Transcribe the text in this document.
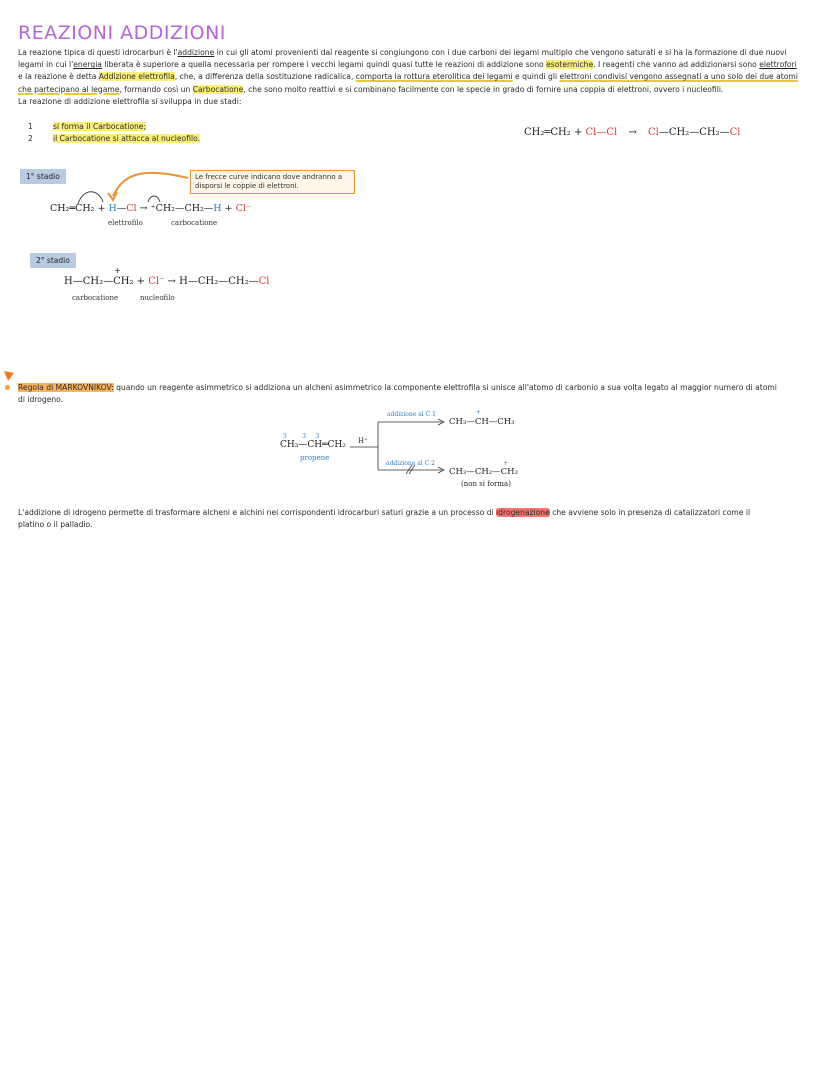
REAZIONI ADDIZIONI
La reazione tipica di questi idrocarburi è l'addizione in cui gli atomi provenienti dal reagente si congiungono con i due carboni dei legami multiplo che vengono saturati e si ha la formazione di due nuovi legami in cui l'energia liberata è superiore a quella necessaria per rompere i vecchi legami quindi quasi tutte le reazioni di addizione sono esotermiche. I reagenti che vanno ad addizionarsi sono elettrofori e la reazione è detta Addizione elettrofila, che, a differenza della sostituzione radicalica, comporta la rottura eterolitica dei legami e quindi gli elettroni condivisi vengono assegnati a uno solo dei due atomi che partecipano al legame, formando così un Carbocatione, che sono molto reattivi e si combinano facilmente con le specie in grado di fornire una coppia di elettroni, ovvero i nucleofili.
La reazione di addizione elettrofila si sviluppa in due stadi:
1	si forma il Carbocatione;
2	il Carbocatione si attacca al nucleofilo.
CH₂═CH₂ + Cl—Cl → Cl—CH₂—CH₂—Cl
1° stadio	Le frecce curve indicano dove andranno a disporsi le coppie di elettroni.
CH₂═CH₂ + H—Cl → ⁺CH₂—CH₂—H + Cl⁻
elettrofilo	carbocatione
2° stadio
+
H—CH₂—CH₂ + Cl⁻ → H—CH₂—CH₂—Cl
carbocatione	nucleofilo
Regola di MARKOVNIKOV: quando un reagente asimmetrico si addiziona un alcheni asimmetrico la componente elettrofila si unisce all'atomo di carbonio a sua volta legato al maggior numero di atomi di idrogeno.
3        3     3
CH₃—CH═CH₂
propene
H⁺
addizione al C 1	+
CH₃—CH—CH₃
addizione al C 2	+
CH₃—CH₂—CH₂
(non si forma)
L'addizione di idrogeno permette di trasformare alcheni e alchini nei corrispondenti idrocarburi saturi grazie a un processo di idrogenazione che avviene solo in presenza di catalizzatori come il platino o il palladio.
